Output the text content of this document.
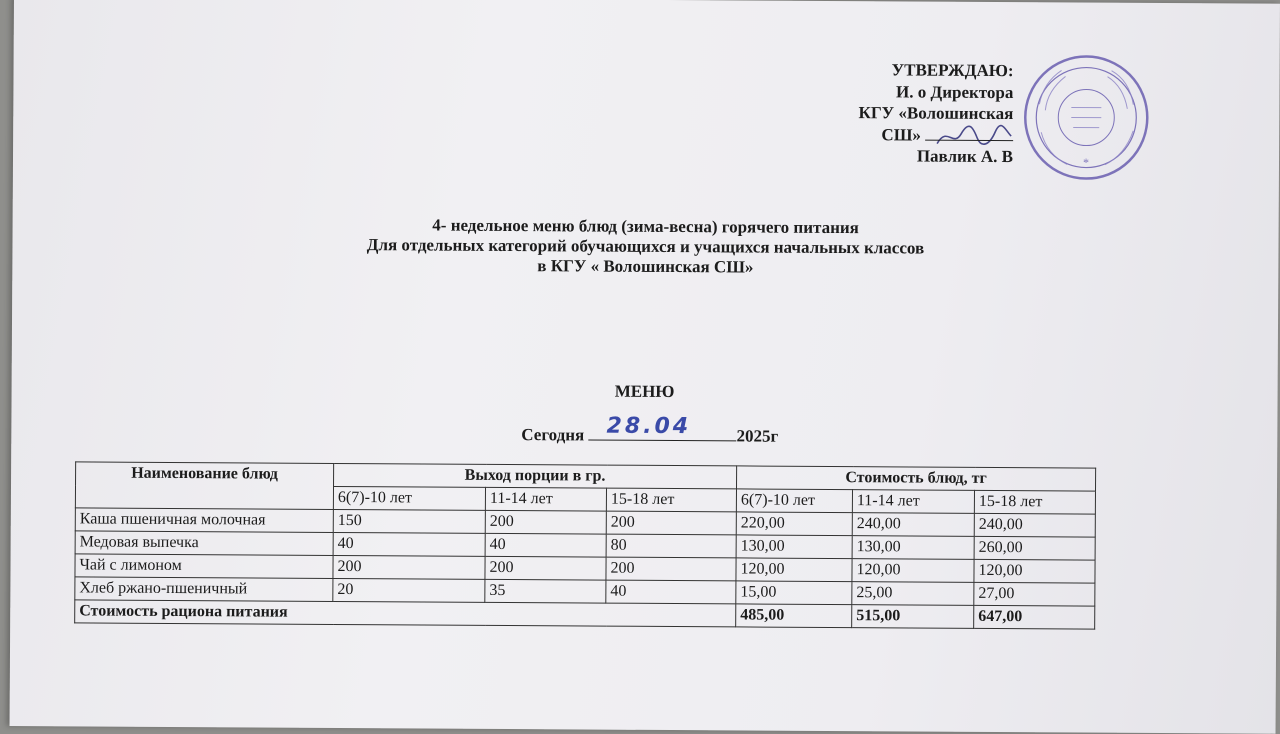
*
УТВЕРЖДАЮ:
И. о Директора
КГУ «Волошинская
СШ»
Павлик А. В
4- недельное меню блюд (зима-весна) горячего питания
Для отдельных категорий обучающихся и учащихся начальных классов
в КГУ « Волошинская СШ»
МЕНЮ
Сегодня 28.04	2025г
Наименование блюд	Выход порции в гр.			Стоимость блюд, тг		
	6(7)-10 лет	11-14 лет	15-18 лет	6(7)-10 лет	11-14 лет	15-18 лет
Каша пшеничная молочная	150	200	200	220,00	240,00	240,00
Медовая выпечка	40	40	80	130,00	130,00	260,00
Чай с лимоном	200	200	200	120,00	120,00	120,00
Хлеб ржано-пшеничный	20	35	40	15,00	25,00	27,00
Стоимость рациона питания				485,00	515,00	647,00
